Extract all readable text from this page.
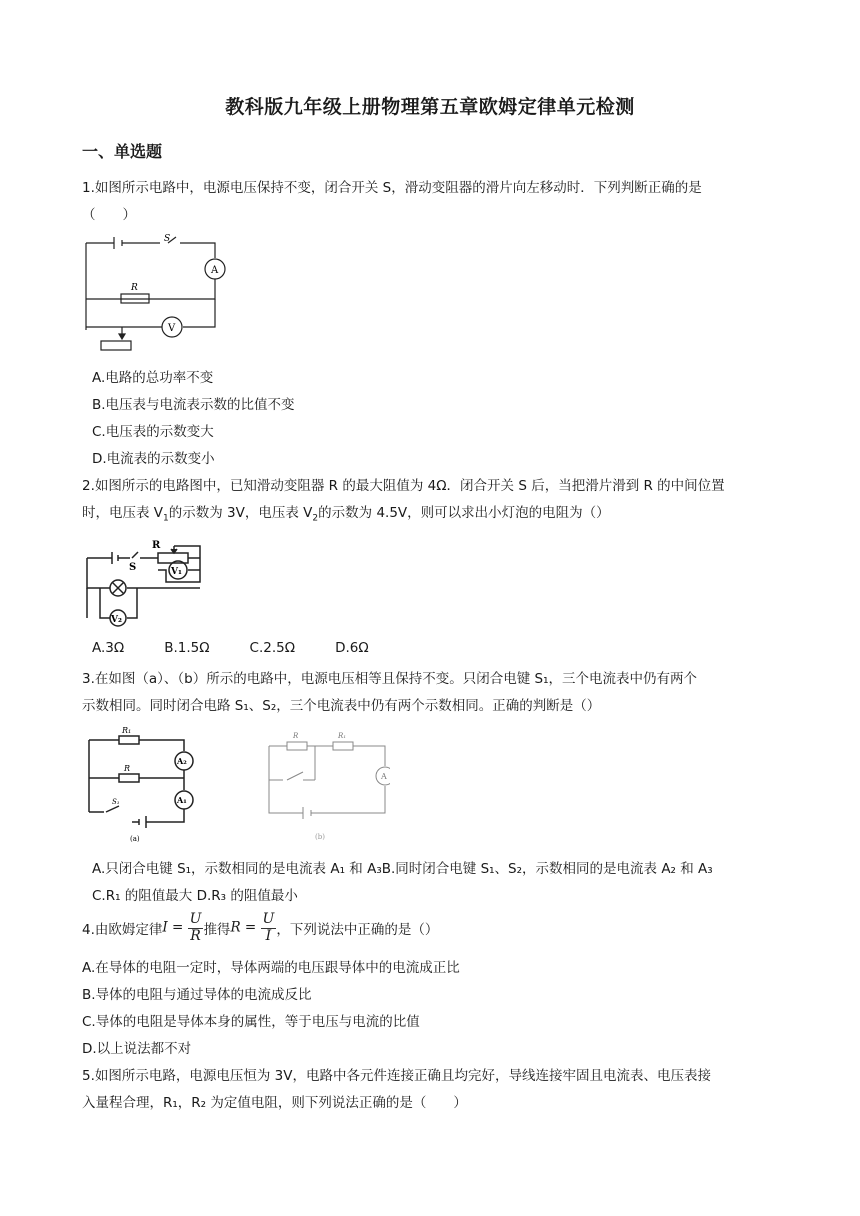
教科版九年级上册物理第五章欧姆定律单元检测
一、单选题
1.如图所示电路中，电源电压保持不变，闭合开关 S，滑动变阻器的滑片向左移动时．下列判断正确的是
（　　）
S
A
R
V
A.电路的总功率不变
B.电压表与电流表示数的比值不变
C.电压表的示数变大
D.电流表的示数变小
2.如图所示的电路图中，已知滑动变阻器 R 的最大阻值为 4Ω．闭合开关 S 后，当把滑片滑到 R 的中间位置
时，电压表 $V_1$的示数为 3V，电压表 $V_2$的示数为 4.5V，则可以求出小灯泡的电阻为（）
R
S	V₁
V₂
A.3Ω	B.1.5Ω	C.2.5Ω	D.6Ω
3.在如图（a）、（b）所示的电路中，电源电压相等且保持不变。只闭合电键 S₁，三个电流表中仍有两个
示数相同。同时闭合电路 S₁、S₂，三个电流表中仍有两个示数相同。正确的判断是（）
R₁
R
A₂
A₁
S₁
(a)
R	R₁
A
(b)
A.只闭合电键 S₁，示数相同的是电流表 A₁ 和 A₃B.同时闭合电键 S₁、S₂，示数相同的是电流表 A₂ 和 A₃
C.R₁ 的阻值最大 D.R₃ 的阻值最小
4.由欧姆定律 $I = \frac{U}{R}$ 推得 $R = \frac{U}{I}$ ，下列说法中正确的是（）
A.在导体的电阻一定时，导体两端的电压跟导体中的电流成正比
B.导体的电阻与通过导体的电流成反比
C.导体的电阻是导体本身的属性，等于电压与电流的比值
D.以上说法都不对
5.如图所示电路，电源电压恒为 3V，电路中各元件连接正确且均完好，导线连接牢固且电流表、电压表接
入量程合理，R₁，R₂ 为定值电阻，则下列说法正确的是（　　）
